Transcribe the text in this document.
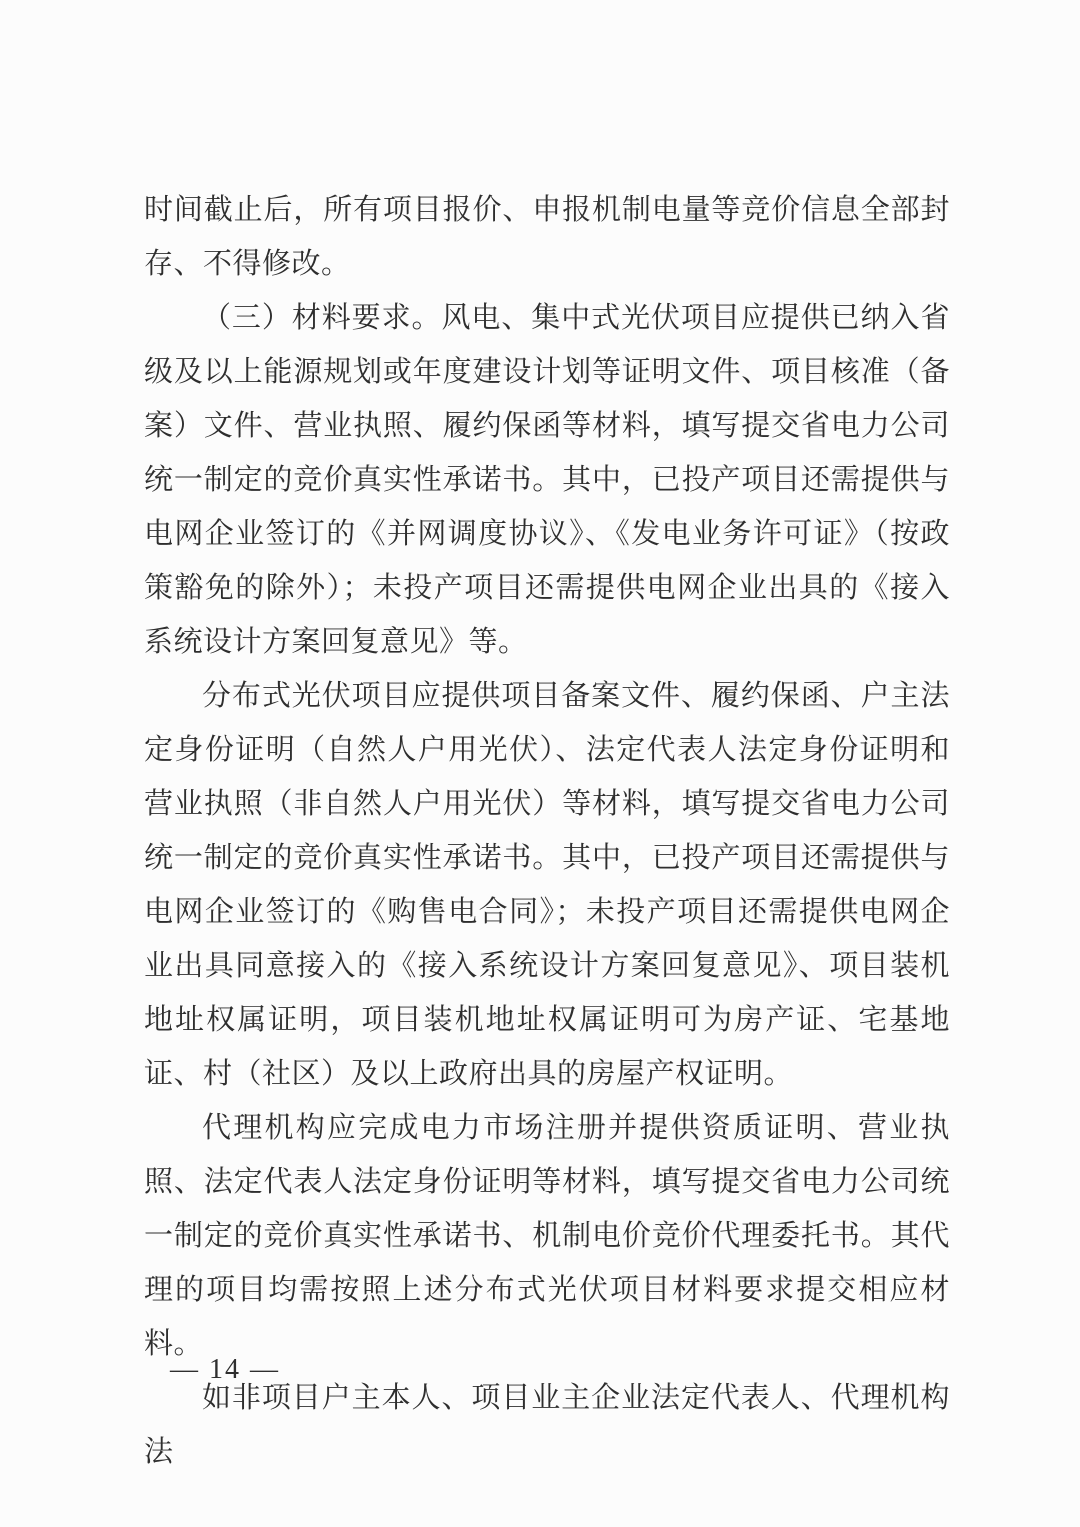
时间截止后，所有项目报价、申报机制电量等竞价信息全部封存、不得修改。

（三）材料要求。风电、集中式光伏项目应提供已纳入省级及以上能源规划或年度建设计划等证明文件、项目核准（备案）文件、营业执照、履约保函等材料，填写提交省电力公司统一制定的竞价真实性承诺书。其中，已投产项目还需提供与电网企业签订的《并网调度协议》、《发电业务许可证》（按政策豁免的除外）；未投产项目还需提供电网企业出具的《接入系统设计方案回复意见》等。

分布式光伏项目应提供项目备案文件、履约保函、户主法定身份证明（自然人户用光伏）、法定代表人法定身份证明和营业执照（非自然人户用光伏）等材料，填写提交省电力公司统一制定的竞价真实性承诺书。其中，已投产项目还需提供与电网企业签订的《购售电合同》；未投产项目还需提供电网企业出具同意接入的《接入系统设计方案回复意见》、项目装机地址权属证明，项目装机地址权属证明可为房产证、宅基地证、村（社区）及以上政府出具的房屋产权证明。

代理机构应完成电力市场注册并提供资质证明、营业执照、法定代表人法定身份证明等材料，填写提交省电力公司统一制定的竞价真实性承诺书、机制电价竞价代理委托书。其代理的项目均需按照上述分布式光伏项目材料要求提交相应材料。

如非项目户主本人、项目业主企业法定代表人、代理机构法

— 14 —
